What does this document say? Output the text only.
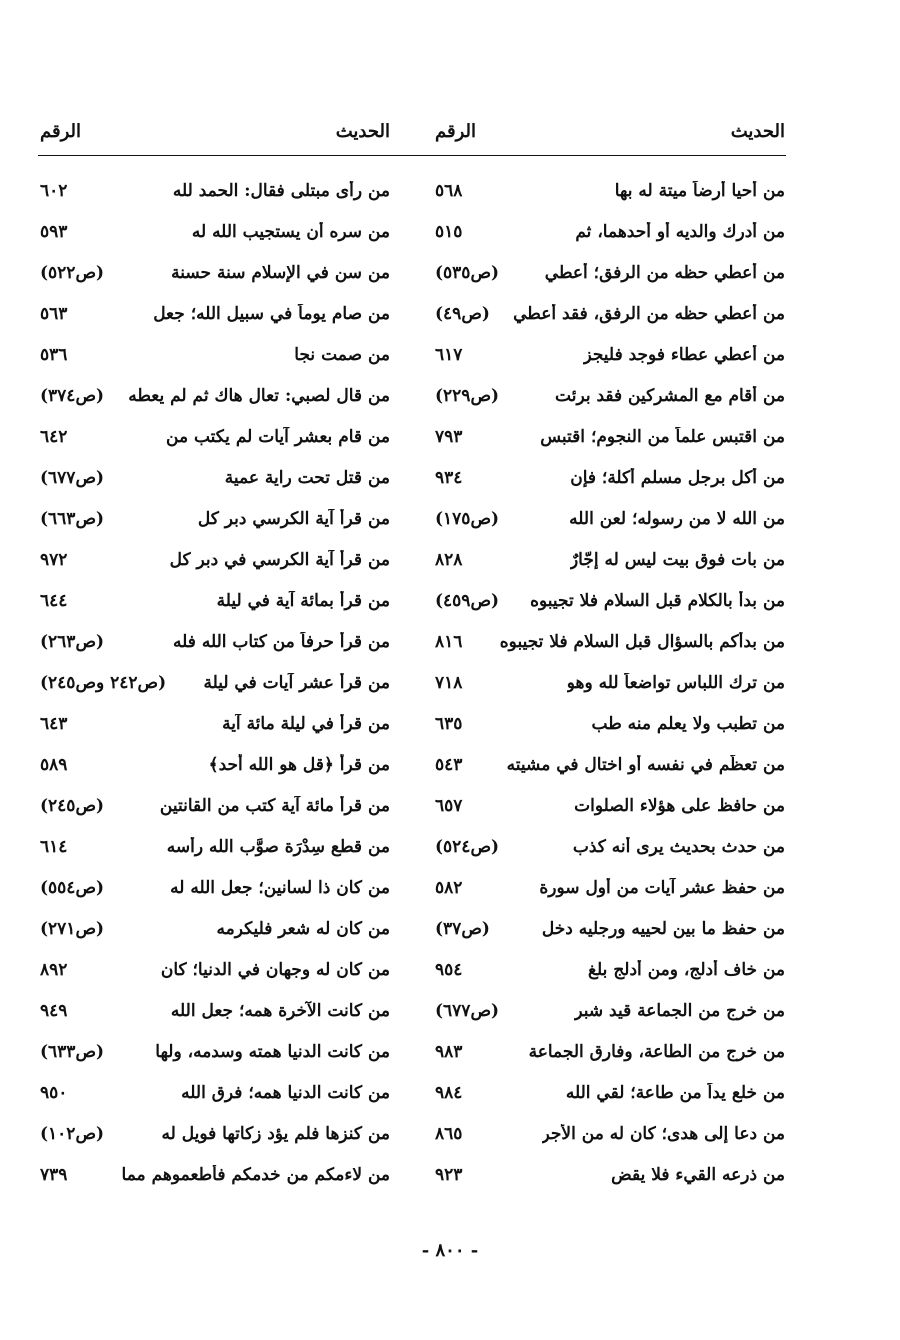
الحديث
الرقم
الحديث
الرقم
من أحيا أرضاً ميتة له بها
٥٦٨
من أدرك والديه أو أحدهما، ثم
٥١٥
من أعطي حظه من الرفق؛ أعطي
(ص٥٣٥)
من أعطي حظه من الرفق، فقد أعطي
(ص٤٩)
من أعطي عطاء فوجد فليجز
٦١٧
من أقام مع المشركين فقد برئت
(ص٢٢٩)
من اقتبس علماً من النجوم؛ اقتبس
٧٩٣
من أكل برجل مسلم أكلة؛ فإن
٩٣٤
من الله لا من رسوله؛ لعن الله
(ص١٧٥)
من بات فوق بيت ليس له إجّارٌ
٨٢٨
من بدأ بالكلام قبل السلام فلا تجيبوه
(ص٤٥٩)
من بدأكم بالسؤال قبل السلام فلا تجيبوه
٨١٦
من ترك اللباس تواضعاً لله وهو
٧١٨
من تطبب ولا يعلم منه طب
٦٣٥
من تعظّم في نفسه أو اختال في مشيته
٥٤٣
من حافظ على هؤلاء الصلوات
٦٥٧
من حدث بحديث يرى أنه كذب
(ص٥٢٤)
من حفظ عشر آيات من أول سورة
٥٨٢
من حفظ ما بين لحييه ورجليه دخل
(ص٣٧)
من خاف أدلج، ومن أدلج بلغ
٩٥٤
من خرج من الجماعة قيد شبر
(ص٦٧٧)
من خرج من الطاعة، وفارق الجماعة
٩٨٣
من خلع يداً من طاعة؛ لقي الله
٩٨٤
من دعا إلى هدى؛ كان له من الأجر
٨٦٥
من ذرعه القيء فلا يقض
٩٢٣
من رأى مبتلى فقال: الحمد لله
٦٠٢
من سره أن يستجيب الله له
٥٩٣
من سن في الإسلام سنة حسنة
(ص٥٢٢)
من صام يوماً في سبيل الله؛ جعل
٥٦٣
من صمت نجا
٥٣٦
من قال لصبي: تعال هاك ثم لم يعطه
(ص٣٧٤)
من قام بعشر آيات لم يكتب من
٦٤٢
من قتل تحت راية عمية
(ص٦٧٧)
من قرأ آية الكرسي دبر كل
(ص٦٦٣)
من قرأ آية الكرسي في دبر كل
٩٧٢
من قرأ بمائة آية في ليلة
٦٤٤
من قرأ حرفاً من كتاب الله فله
(ص٢٦٣)
من قرأ عشر آيات في ليلة
(ص٢٤٢ وص٢٤٥)
من قرأ في ليلة مائة آية
٦٤٣
من قرأ ﴿قل هو الله أحد﴾
٥٨٩
من قرأ مائة آية كتب من القانتين
(ص٢٤٥)
من قطع سِدْرَة صوَّب الله رأسه
٦١٤
من كان ذا لسانين؛ جعل الله له
(ص٥٥٤)
من كان له شعر فليكرمه
(ص٢٧١)
من كان له وجهان في الدنيا؛ كان
٨٩٢
من كانت الآخرة همه؛ جعل الله
٩٤٩
من كانت الدنيا همته وسدمه، ولها
(ص٦٣٣)
من كانت الدنيا همه؛ فرق الله
٩٥٠
من كنزها فلم يؤد زكاتها فويل له
(ص١٠٢)
من لاءمكم من خدمكم فأطعموهم مما
٧٣٩
- ٨٠٠ -
